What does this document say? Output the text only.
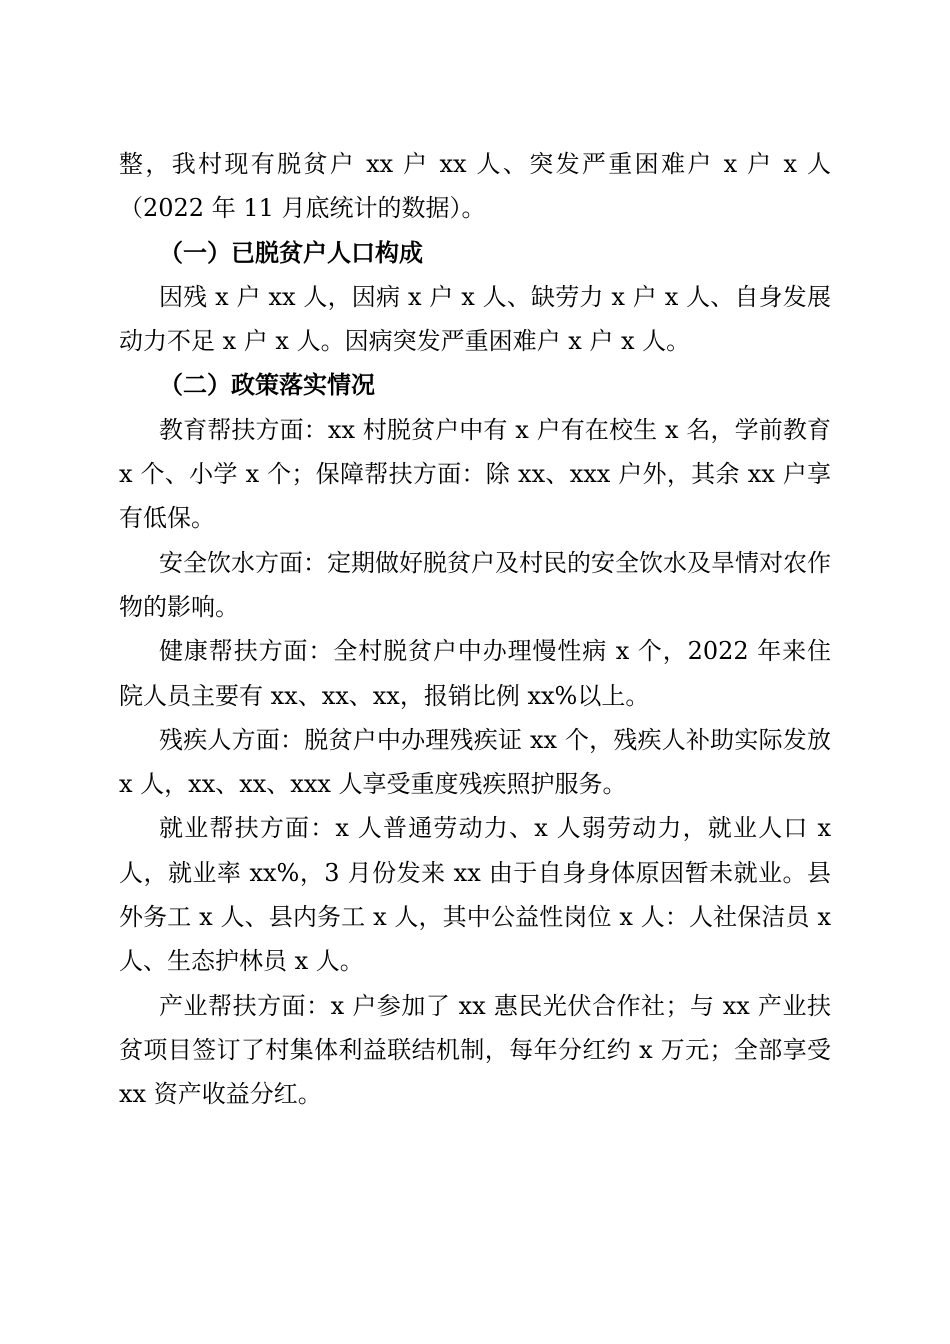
整，我村现有脱贫户 xx 户 xx 人、突发严重困难户 x 户 x 人（2022 年 11 月底统计的数据）。

（一）已脱贫户人口构成

因残 x 户 xx 人，因病 x 户 x 人、缺劳力 x 户 x 人、自身发展动力不足 x 户 x 人。因病突发严重困难户 x 户 x 人。

（二）政策落实情况

教育帮扶方面：xx 村脱贫户中有 x 户有在校生 x 名，学前教育 x 个、小学 x 个；保障帮扶方面：除 xx、xxx 户外，其余 xx 户享有低保。

安全饮水方面：定期做好脱贫户及村民的安全饮水及旱情对农作物的影响。

健康帮扶方面：全村脱贫户中办理慢性病 x 个，2022 年来住院人员主要有 xx、xx、xx，报销比例 xx%以上。

残疾人方面：脱贫户中办理残疾证 xx 个，残疾人补助实际发放 x 人，xx、xx、xxx 人享受重度残疾照护服务。

就业帮扶方面：x 人普通劳动力、x 人弱劳动力，就业人口 x 人，就业率 xx%，3 月份发来 xx 由于自身身体原因暂未就业。县外务工 x 人、县内务工 x 人，其中公益性岗位 x 人：人社保洁员 x 人、生态护林员 x 人。

产业帮扶方面：x 户参加了 xx 惠民光伏合作社；与 xx 产业扶贫项目签订了村集体利益联结机制，每年分红约 x 万元；全部享受 xx 资产收益分红。
